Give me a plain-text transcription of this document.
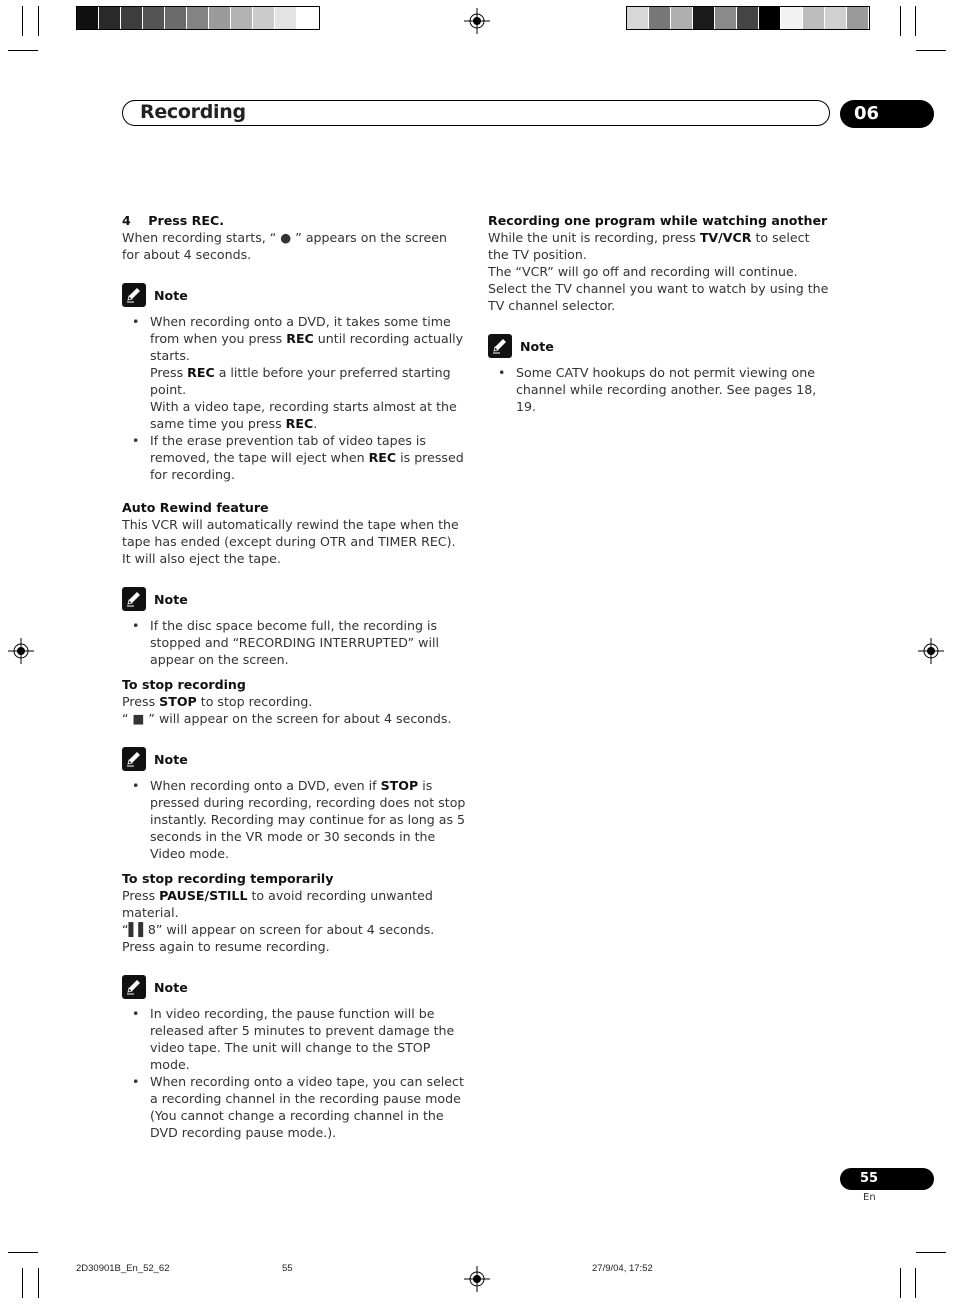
Recording	06

4    Press REC.

When recording starts, “ ● ” appears on the screen for about 4 seconds.

Note
• When recording onto a DVD, it takes some time from when you press REC until recording actually starts.
Press REC a little before your preferred starting point.
With a video tape, recording starts almost at the same time you press REC.
• If the erase prevention tab of video tapes is removed, the tape will eject when REC is pressed for recording.

Auto Rewind feature

This VCR will automatically rewind the tape when the tape has ended (except during OTR and TIMER REC). It will also eject the tape.

Note
• If the disc space become full, the recording is stopped and “RECORDING INTERRUPTED” will appear on the screen.

To stop recording

Press STOP to stop recording.

“ ■ ” will appear on the screen for about 4 seconds.

Note
• When recording onto a DVD, even if STOP is pressed during recording, recording does not stop instantly. Recording may continue for as long as 5 seconds in the VR mode or 30 seconds in the Video mode.

To stop recording temporarily

Press PAUSE/STILL to avoid recording unwanted material.

“▌▌8” will appear on screen for about 4 seconds.

Press again to resume recording.

Note
• In video recording, the pause function will be released after 5 minutes to prevent damage the video tape. The unit will change to the STOP mode.
• When recording onto a video tape, you can select a recording channel in the recording pause mode (You cannot change a recording channel in the DVD recording pause mode.).

Recording one program while watching another

While the unit is recording, press TV/VCR to select the TV position.

The “VCR” will go off and recording will continue.

Select the TV channel you want to watch by using the TV channel selector.

Note
• Some CATV hookups do not permit viewing one channel while recording another. See pages 18, 19.
55
En
2D30901B_En_52_62	55	27/9/04, 17:52
